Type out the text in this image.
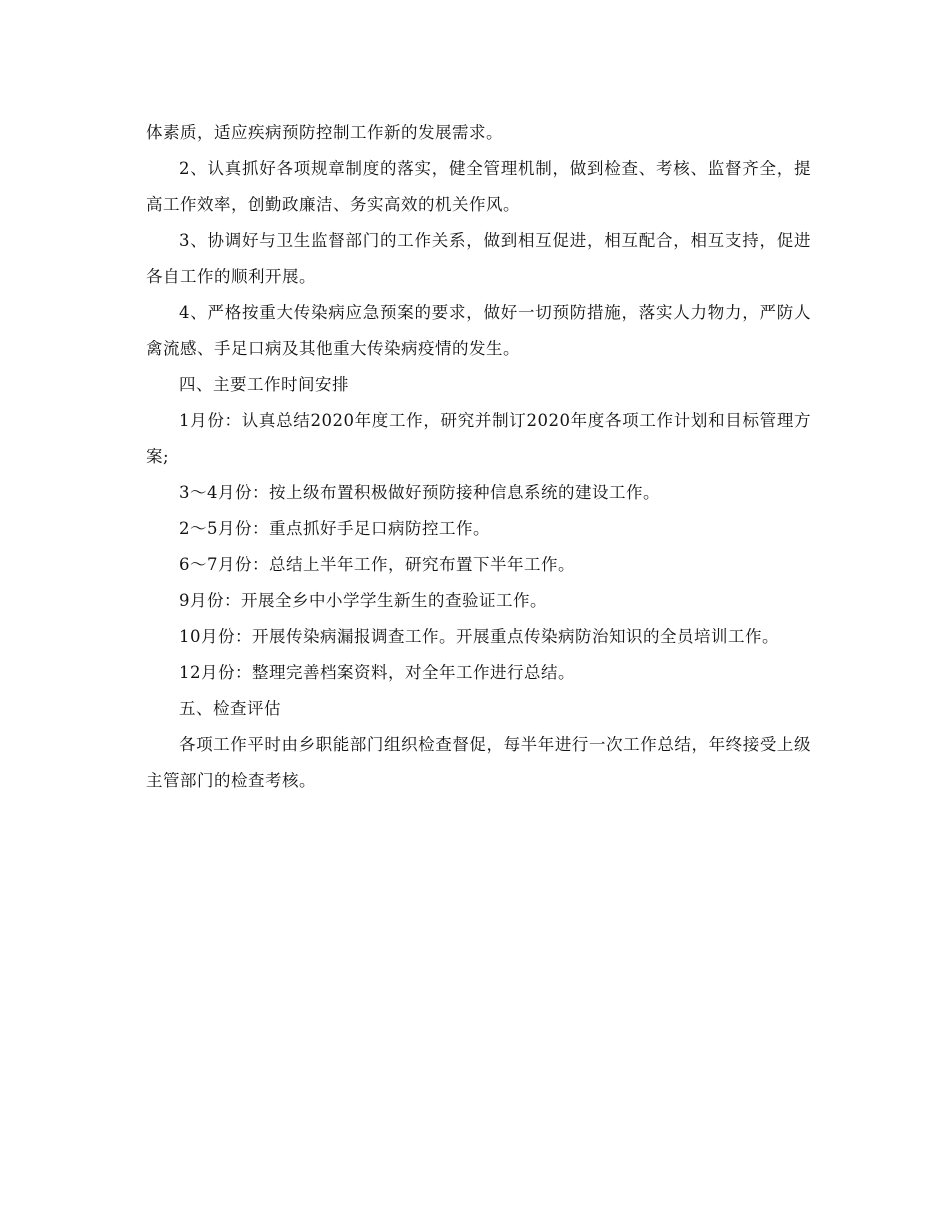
体素质，适应疾病预防控制工作新的发展需求。

2、认真抓好各项规章制度的落实，健全管理机制，做到检查、考核、监督齐全，提高工作效率，创勤政廉洁、务实高效的机关作风。

3、协调好与卫生监督部门的工作关系，做到相互促进，相互配合，相互支持，促进各自工作的顺利开展。

4、严格按重大传染病应急预案的要求，做好一切预防措施，落实人力物力，严防人禽流感、手足口病及其他重大传染病疫情的发生。

四、主要工作时间安排

1月份：认真总结2020年度工作，研究并制订2020年度各项工作计划和目标管理方案;

3～4月份：按上级布置积极做好预防接种信息系统的建设工作。

2～5月份：重点抓好手足口病防控工作。

6～7月份：总结上半年工作，研究布置下半年工作。

9月份：开展全乡中小学学生新生的查验证工作。

10月份：开展传染病漏报调查工作。开展重点传染病防治知识的全员培训工作。

12月份：整理完善档案资料，对全年工作进行总结。

五、检查评估

各项工作平时由乡职能部门组织检查督促，每半年进行一次工作总结，年终接受上级主管部门的检查考核。
